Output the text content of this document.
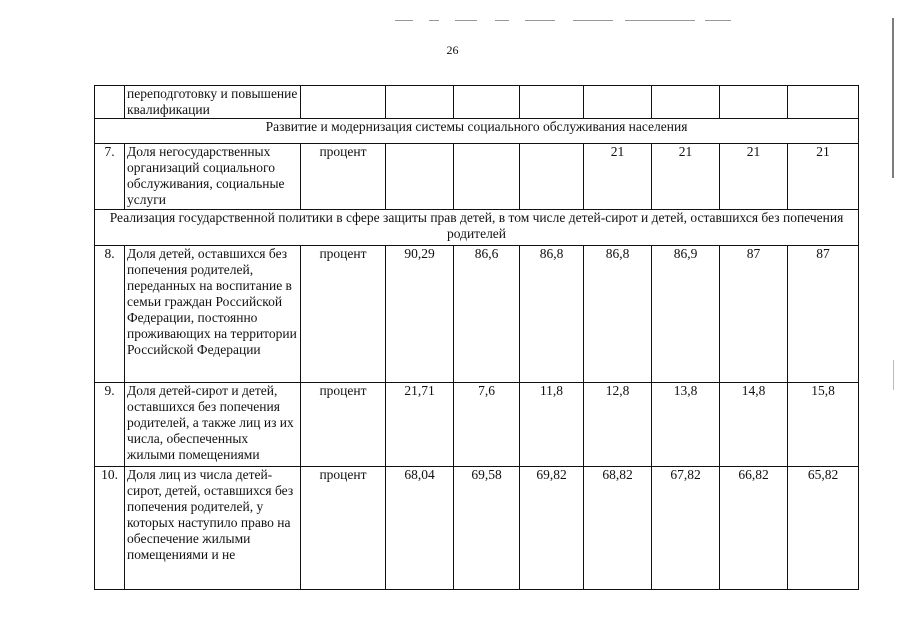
26
	переподготовку и повышение квалификации								
Развитие и модернизация системы социального обслуживания населения									
7.	Доля негосударственных организаций социального обслуживания, социальные услуги	процент				21	21	21	21
Реализация государственной политики в сфере защиты прав детей, в том числе детей-сирот и детей, оставшихся без попечения родителей									
8.	Доля детей, оставшихся без попечения родителей, переданных на воспитание в семьи граждан Российской Федерации, постоянно проживающих на территории Российской Федерации	процент	90,29	86,6	86,8	86,8	86,9	87	87
9.	Доля детей-сирот и детей, оставшихся без попечения родителей, а также лиц из их числа, обеспеченных жилыми помещениями	процент	21,71	7,6	11,8	12,8	13,8	14,8	15,8
10.	Доля лиц из числа детей-сирот, детей, оставшихся без попечения родителей, у которых наступило право на обеспечение жилыми помещениями и не	процент	68,04	69,58	69,82	68,82	67,82	66,82	65,82
